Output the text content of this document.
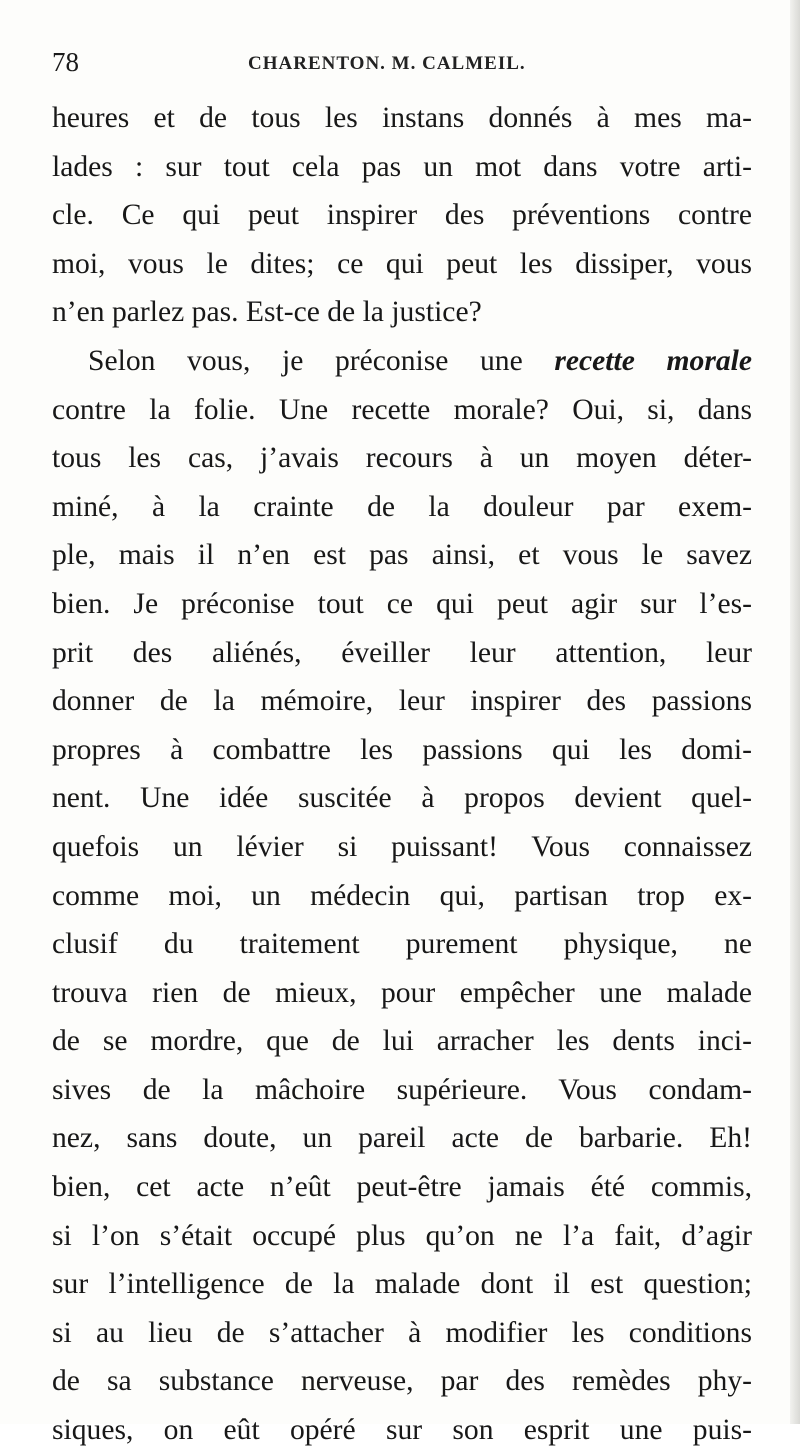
78	CHARENTON. M. CALMEIL.
heures et de tous les instans donnés à mes ma-
lades : sur tout cela pas un mot dans votre arti-
cle. Ce qui peut inspirer des préventions contre
moi, vous le dites; ce qui peut les dissiper, vous
n’en parlez pas. Est-ce de la justice?
Selon vous, je préconise une recette morale
contre la folie. Une recette morale? Oui, si, dans
tous les cas, j’avais recours à un moyen déter-
miné, à la crainte de la douleur par exem-
ple, mais il n’en est pas ainsi, et vous le savez
bien. Je préconise tout ce qui peut agir sur l’es-
prit des aliénés, éveiller leur attention, leur
donner de la mémoire, leur inspirer des passions
propres à combattre les passions qui les domi-
nent. Une idée suscitée à propos devient quel-
quefois un lévier si puissant! Vous connaissez
comme moi, un médecin qui, partisan trop ex-
clusif du traitement purement physique, ne
trouva rien de mieux, pour empêcher une malade
de se mordre, que de lui arracher les dents inci-
sives de la mâchoire supérieure. Vous condam-
nez, sans doute, un pareil acte de barbarie. Eh!
bien, cet acte n’eût peut-être jamais été commis,
si l’on s’était occupé plus qu’on ne l’a fait, d’agir
sur l’intelligence de la malade dont il est question;
si au lieu de s’attacher à modifier les conditions
de sa substance nerveuse, par des remèdes phy-
siques, on eût opéré sur son esprit une puis-
